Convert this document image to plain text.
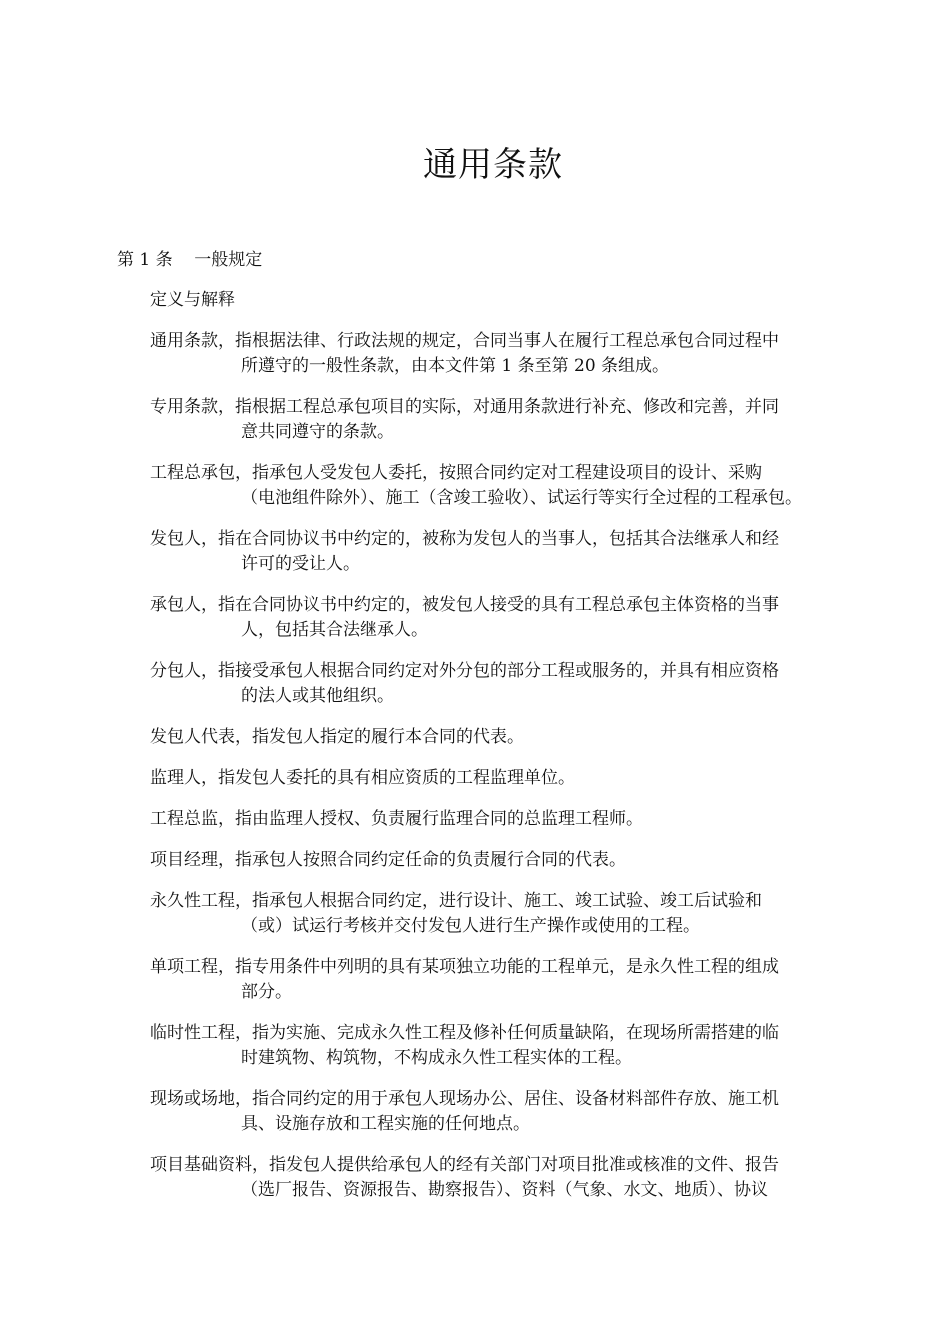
通用条款
第 1 条    一般规定
定义与解释
通用条款，指根据法律、行政法规的规定，合同当事人在履行工程总承包合同过程中
所遵守的一般性条款，由本文件第 1 条至第 20 条组成。
专用条款，指根据工程总承包项目的实际，对通用条款进行补充、修改和完善，并同
意共同遵守的条款。
工程总承包，指承包人受发包人委托，按照合同约定对工程建设项目的设计、采购
（电池组件除外）、施工（含竣工验收）、试运行等实行全过程的工程承包。
发包人，指在合同协议书中约定的，被称为发包人的当事人，包括其合法继承人和经
许可的受让人。
承包人，指在合同协议书中约定的，被发包人接受的具有工程总承包主体资格的当事
人，包括其合法继承人。
分包人，指接受承包人根据合同约定对外分包的部分工程或服务的，并具有相应资格
的法人或其他组织。
发包人代表，指发包人指定的履行本合同的代表。
监理人，指发包人委托的具有相应资质的工程监理单位。
工程总监，指由监理人授权、负责履行监理合同的总监理工程师。
项目经理，指承包人按照合同约定任命的负责履行合同的代表。
永久性工程，指承包人根据合同约定，进行设计、施工、竣工试验、竣工后试验和
（或）试运行考核并交付发包人进行生产操作或使用的工程。
单项工程，指专用条件中列明的具有某项独立功能的工程单元，是永久性工程的组成
部分。
临时性工程，指为实施、完成永久性工程及修补任何质量缺陷，在现场所需搭建的临
时建筑物、构筑物，不构成永久性工程实体的工程。
现场或场地，指合同约定的用于承包人现场办公、居住、设备材料部件存放、施工机
具、设施存放和工程实施的任何地点。
项目基础资料，指发包人提供给承包人的经有关部门对项目批准或核准的文件、报告
（选厂报告、资源报告、勘察报告）、资料（气象、水文、地质）、协议
